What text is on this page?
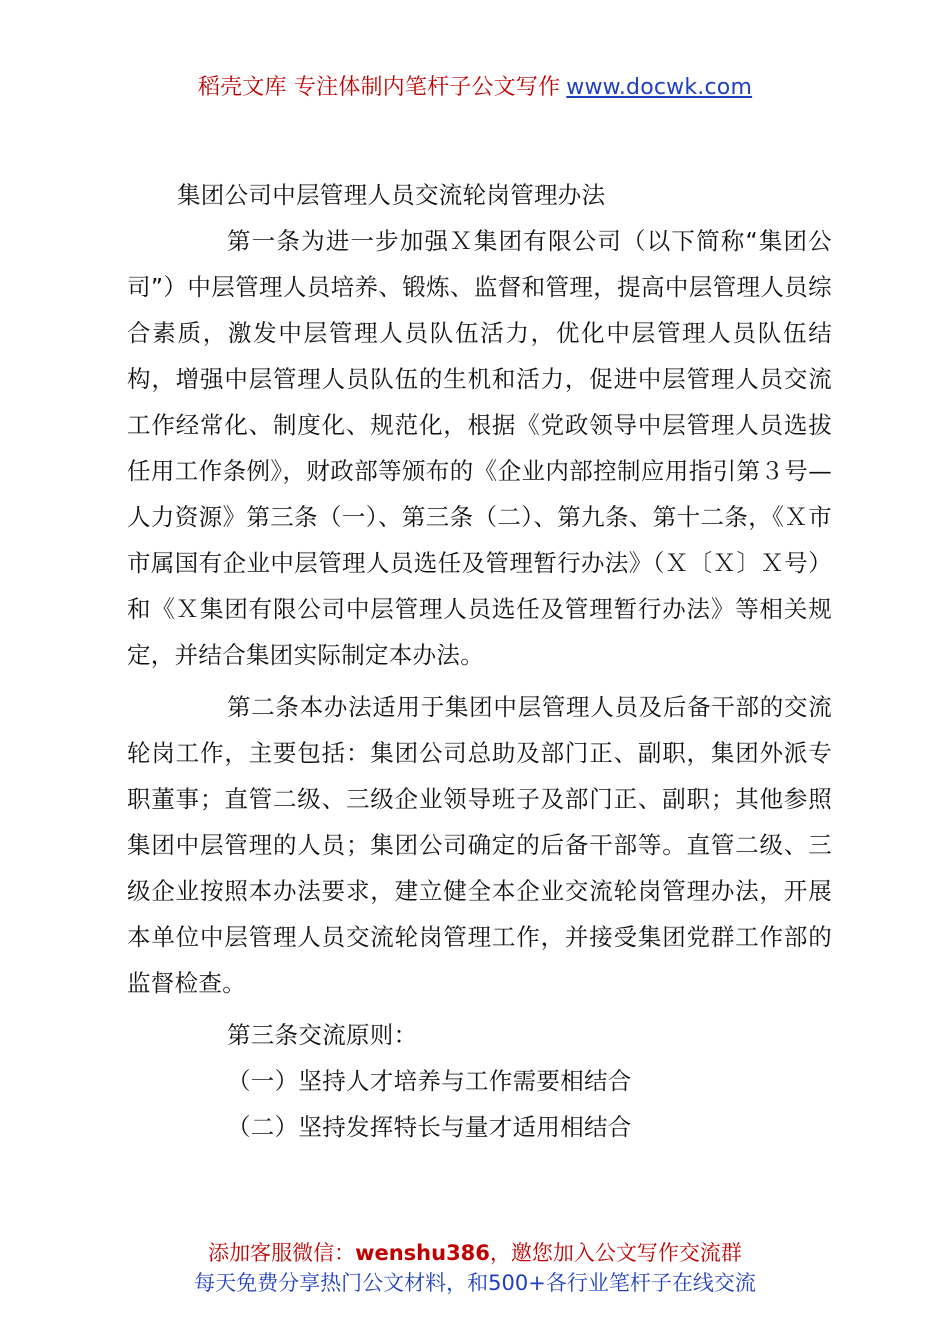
稻壳文库 专注体制内笔杆子公文写作 www.docwk.com
集团公司中层管理人员交流轮岗管理办法

第一条为进一步加强Ｘ集团有限公司（以下简称“集团公司”）中层管理人员培养、锻炼、监督和管理，提高中层管理人员综合素质，激发中层管理人员队伍活力，优化中层管理人员队伍结构，增强中层管理人员队伍的生机和活力，促进中层管理人员交流工作经常化、制度化、规范化，根据《党政领导中层管理人员选拔任用工作条例》，财政部等颁布的《企业内部控制应用指引第３号—人力资源》第三条（一）、第三条（二）、第九条、第十二条，《Ｘ市市属国有企业中层管理人员选任及管理暂行办法》（Ｘ〔Ｘ〕Ｘ号）和《Ｘ集团有限公司中层管理人员选任及管理暂行办法》等相关规定，并结合集团实际制定本办法。

第二条本办法适用于集团中层管理人员及后备干部的交流轮岗工作，主要包括：集团公司总助及部门正、副职，集团外派专职董事；直管二级、三级企业领导班子及部门正、副职；其他参照集团中层管理的人员；集团公司确定的后备干部等。直管二级、三级企业按照本办法要求，建立健全本企业交流轮岗管理办法，开展本单位中层管理人员交流轮岗管理工作，并接受集团党群工作部的监督检查。

第三条交流原则：

（一）坚持人才培养与工作需要相结合

（二）坚持发挥特长与量才适用相结合

添加客服微信：wenshu386，邀您加入公文写作交流群
每天免费分享热门公文材料，和500+各行业笔杆子在线交流
